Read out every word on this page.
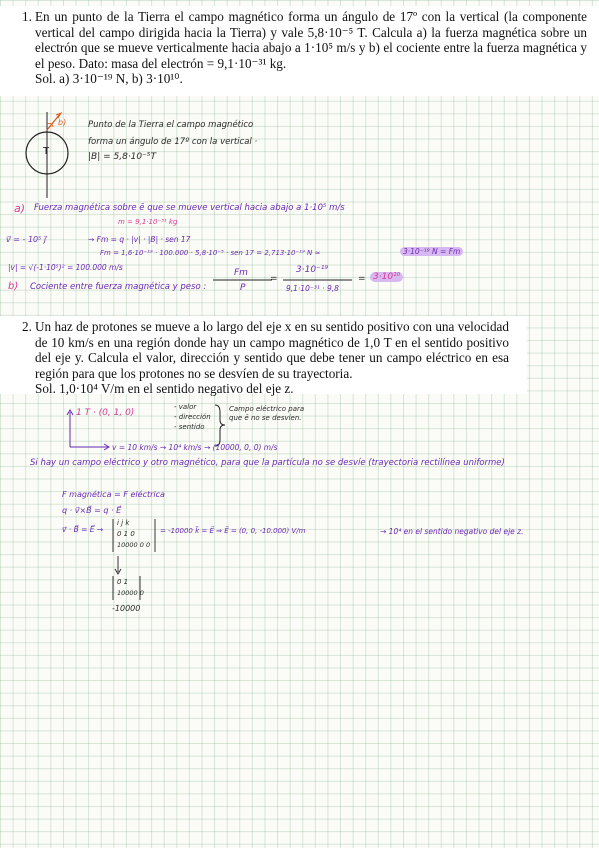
1. En un punto de la Tierra el campo magnético forma un ángulo de 17º con la vertical (la componente vertical del campo dirigida hacia la Tierra) y vale 5,8·10⁻⁵ T. Calcula a) la fuerza magnética sobre un electrón que se mueve verticalmente hacia abajo a 1·10⁵ m/s y b) el cociente entre la fuerza magnética y el peso. Dato: masa del electrón = 9,1·10⁻³¹ kg.
Sol. a) 3·10⁻¹⁹ N, b) 3·10¹⁰.
T
b)	Punto de la Tierra el campo magnético
forma un ángulo de 17º con la vertical ·
|B| = 5,8·10⁻⁵T
a) Fuerza magnética sobre ē que se mueve vertical hacia abajo a 1·10⁵ m/s
m = 9,1·10⁻³¹ kg
v⃗ = - 10⁵ j⃗	→ Fm = q · |v| · |B| · sen 17
Fm = 1,6·10⁻¹⁹ · 100.000 · 5,8·10⁻⁵ · sen 17 = 2,713·10⁻¹⁹ N ≈	3·10⁻¹⁹ N = Fm
|v| = √(-1·10⁵)² = 100.000 m/s
b) Cociente entre fuerza magnética y peso :
Fm
P
=
3·10⁻¹⁹
9,1·10⁻³¹ · 9,8
= 3·10¹⁰
2. Un haz de protones se mueve a lo largo del eje x en su sentido positivo con una velocidad de 10 km/s en una región donde hay un campo magnético de 1,0 T en el sentido positivo del eje y. Calcula el valor, dirección y sentido que debe tener un campo eléctrico en esa región para que los protones no se desvíen de su trayectoria.
Sol. 1,0·10⁴ V/m en el sentido negativo del eje z.
1 T · (0, 1, 0)
- valor
- dirección
- sentido
Campo eléctrico para
que ē no se desvíen.
v = 10 km/s → 10⁴ km/s → (10000, 0, 0) m/s
Si hay un campo eléctrico y otro magnético, para que la partícula no se desvíe (trayectoria rectilínea uniforme)
F magnética = F eléctrica
q · v⃗×B⃗ = q · E⃗
v⃗ · B⃗ = E⃗ →
i j k
0 1 0
10000 0 0
= -10000 k⃗ = E⃗ ⇒ E⃗ = (0, 0, -10.000) V/m	→ 10⁴ en el sentido negativo del eje z.
0 1
10000 0
-10000
